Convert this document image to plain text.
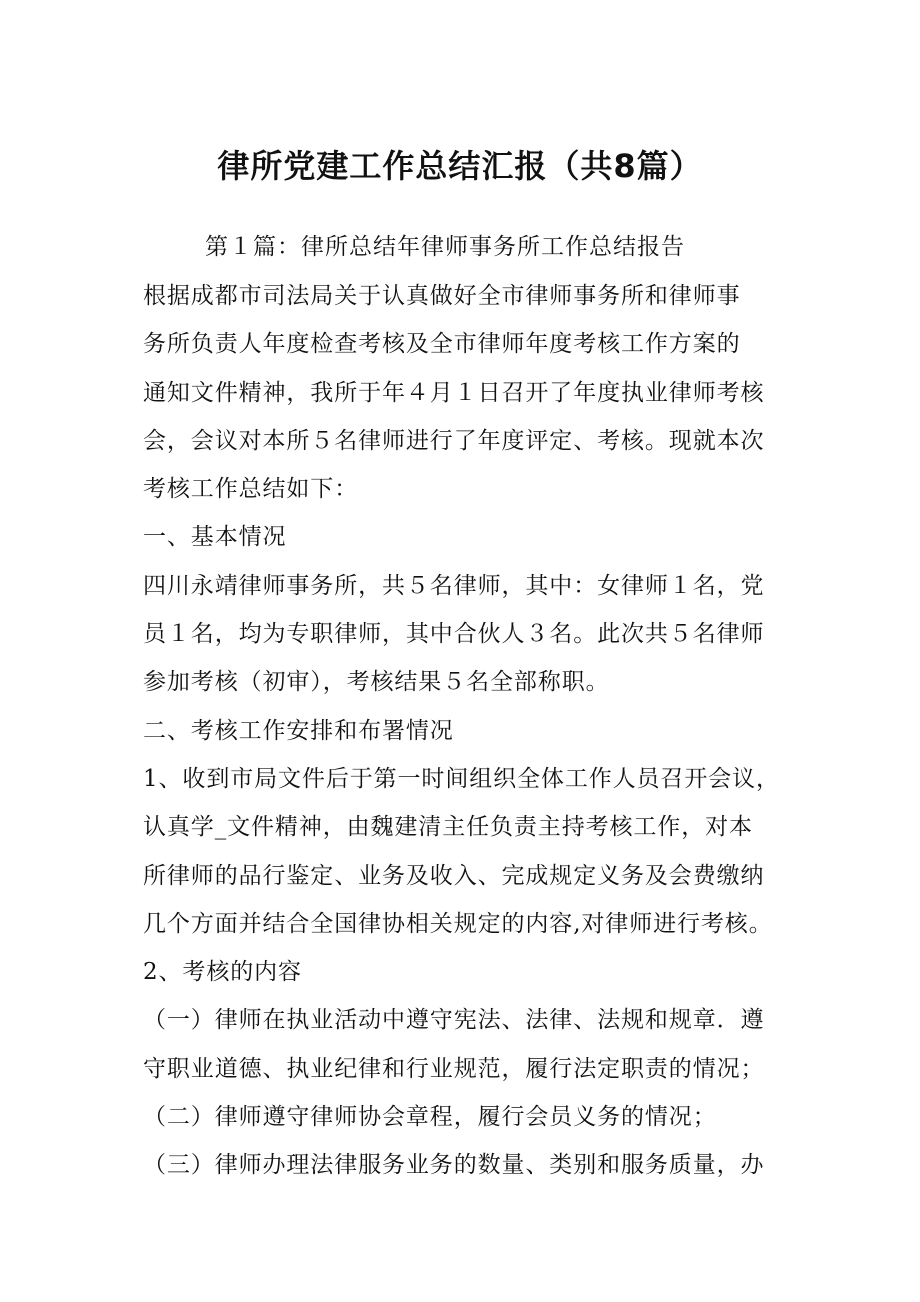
律所党建工作总结汇报（共8篇）
第１篇：律所总结年律师事务所工作总结报告
根据成都市司法局关于认真做好全市律师事务所和律师事
务所负责人年度检查考核及全市律师年度考核工作方案的
通知文件精神，我所于年４月１日召开了年度执业律师考核
会，会议对本所５名律师进行了年度评定、考核。现就本次
考核工作总结如下：
一、基本情况
四川永靖律师事务所，共５名律师，其中：女律师１名，党
员１名，均为专职律师，其中合伙人３名。此次共５名律师
参加考核（初审），考核结果５名全部称职。
二、考核工作安排和布署情况
1、收到市局文件后于第一时间组织全体工作人员召开会议，
认真学_文件精神，由魏建清主任负责主持考核工作，对本
所律师的品行鉴定、业务及收入、完成规定义务及会费缴纳
几个方面并结合全国律协相关规定的内容,对律师进行考核。
2、考核的内容
（一）律师在执业活动中遵守宪法、法律、法规和规章．遵
守职业道德、执业纪律和行业规范，履行法定职责的情况；
（二）律师遵守律师协会章程，履行会员义务的情况；
（三）律师办理法律服务业务的数量、类别和服务质量，办
